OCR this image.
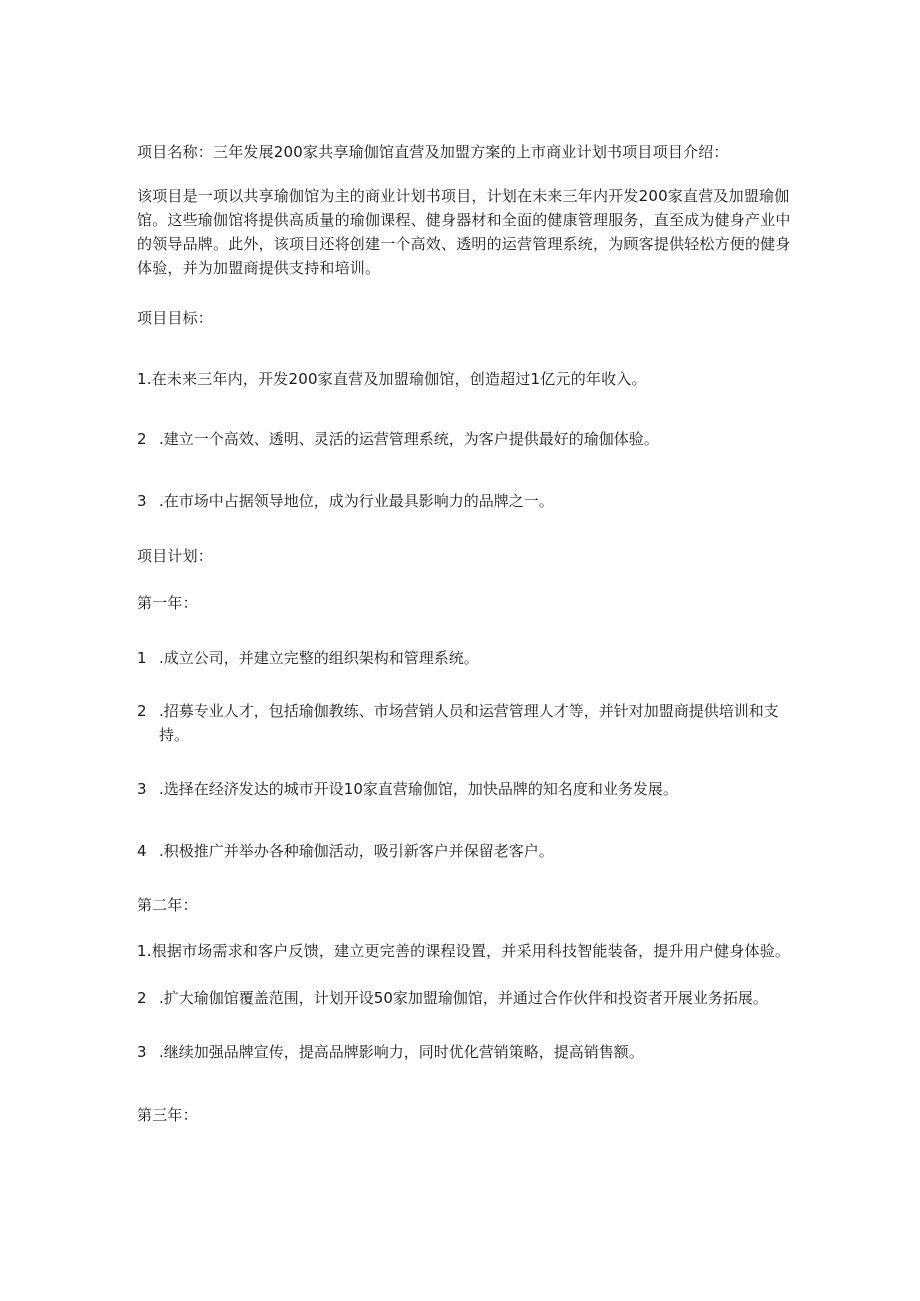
项目名称：三年发展200家共享瑜伽馆直营及加盟方案的上市商业计划书项目项目介绍：
该项目是一项以共享瑜伽馆为主的商业计划书项目，计划在未来三年内开发200家直营及加盟瑜伽馆。这些瑜伽馆将提供高质量的瑜伽课程、健身器材和全面的健康管理服务，直至成为健身产业中的领导品牌。此外，该项目还将创建一个高效、透明的运营管理系统，为顾客提供轻松方便的健身体验，并为加盟商提供支持和培训。
项目目标：
1.在未来三年内，开发200家直营及加盟瑜伽馆，创造超过1亿元的年收入。
2 .建立一个高效、透明、灵活的运营管理系统，为客户提供最好的瑜伽体验。
3 .在市场中占据领导地位，成为行业最具影响力的品牌之一。
项目计划：
第一年：
1 .成立公司，并建立完整的组织架构和管理系统。
2 .招募专业人才，包括瑜伽教练、市场营销人员和运营管理人才等，并针对加盟商提供培训和支持。
3 .选择在经济发达的城市开设10家直营瑜伽馆，加快品牌的知名度和业务发展。
4 .积极推广并举办各种瑜伽活动，吸引新客户并保留老客户。
第二年：
1.根据市场需求和客户反馈，建立更完善的课程设置，并采用科技智能装备，提升用户健身体验。
2 .扩大瑜伽馆覆盖范围，计划开设50家加盟瑜伽馆，并通过合作伙伴和投资者开展业务拓展。
3 .继续加强品牌宣传，提高品牌影响力，同时优化营销策略，提高销售额。
第三年：
